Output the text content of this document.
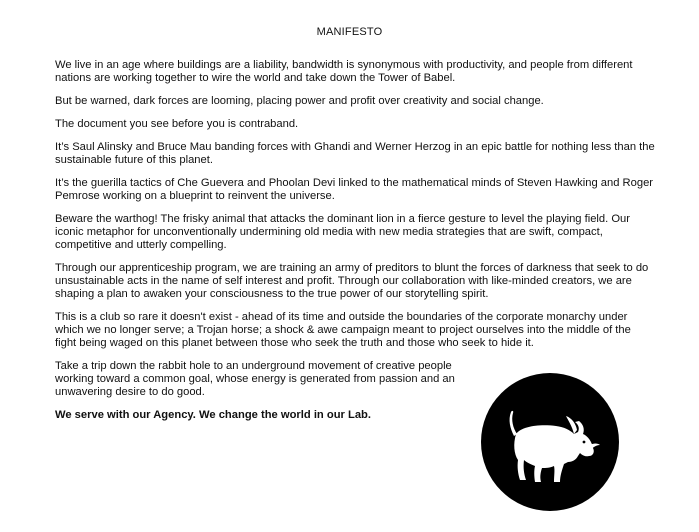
MANIFESTO

We live in an age where buildings are a liability, bandwidth is synonymous with productivity, and people from different nations are working together to wire the world and take down the Tower of Babel.

But be warned, dark forces are looming, placing power and profit over creativity and social change.

The document you see before you is contraband.

It’s Saul Alinsky and Bruce Mau banding forces with Ghandi and Werner Herzog in an epic battle for nothing less than the sustainable future of this planet.

It’s the guerilla tactics of Che Guevera and Phoolan Devi linked to the mathematical minds of Steven Hawking and Roger Pemrose working on a blueprint to reinvent the universe.

Beware the warthog! The frisky animal that attacks the dominant lion in a fierce gesture to level the playing field. Our iconic metaphor for unconventionally undermining old media with new media strategies that are swift, compact, competitive and utterly compelling.

Through our apprenticeship program, we are training an army of preditors to blunt the forces of darkness that seek to do unsustainable acts in the name of self interest and profit. Through our collaboration with like-minded creators, we are shaping a plan to awaken your consciousness to the true power of our storytelling spirit.

This is a club so rare it doesn't exist - ahead of its time and outside the boundaries of the corporate monarchy under which we no longer serve; a Trojan horse; a shock & awe campaign meant to project ourselves into the middle of the fight being waged on this planet between those who seek the truth and those who seek to hide it.

Take a trip down the rabbit hole to an underground movement of creative people working toward a common goal, whose energy is generated from passion and an unwavering desire to do good.

We serve with our Agency. We change the world in our Lab.
